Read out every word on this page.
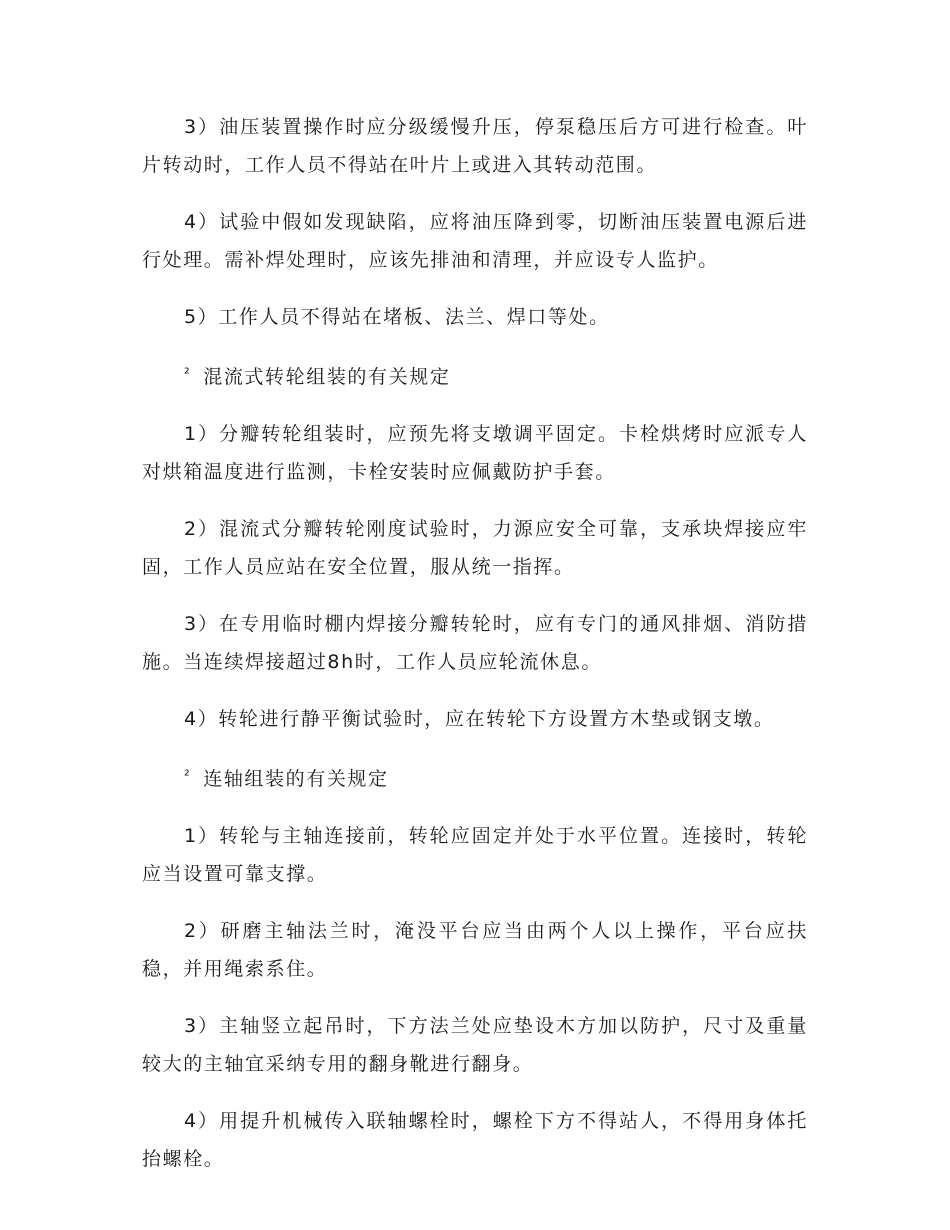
3）油压装置操作时应分级缓慢升压，停泵稳压后方可进行检查。叶片转动时，工作人员不得站在叶片上或进入其转动范围。

4）试验中假如发现缺陷，应将油压降到零，切断油压装置电源后进行处理。需补焊处理时，应该先排油和清理，并应设专人监护。

5）工作人员不得站在堵板、法兰、焊口等处。

² 混流式转轮组装的有关规定

1）分瓣转轮组装时，应预先将支墩调平固定。卡栓烘烤时应派专人对烘箱温度进行监测，卡栓安装时应佩戴防护手套。

2）混流式分瓣转轮刚度试验时，力源应安全可靠，支承块焊接应牢固，工作人员应站在安全位置，服从统一指挥。

3）在专用临时棚内焊接分瓣转轮时，应有专门的通风排烟、消防措施。当连续焊接超过8h时，工作人员应轮流休息。

4）转轮进行静平衡试验时，应在转轮下方设置方木垫或钢支墩。

² 连轴组装的有关规定

1）转轮与主轴连接前，转轮应固定并处于水平位置。连接时，转轮应当设置可靠支撑。

2）研磨主轴法兰时，淹没平台应当由两个人以上操作，平台应扶稳，并用绳索系住。

3）主轴竖立起吊时，下方法兰处应垫设木方加以防护，尺寸及重量较大的主轴宜采纳专用的翻身靴进行翻身。

4）用提升机械传入联轴螺栓时，螺栓下方不得站人，不得用身体托抬螺栓。
